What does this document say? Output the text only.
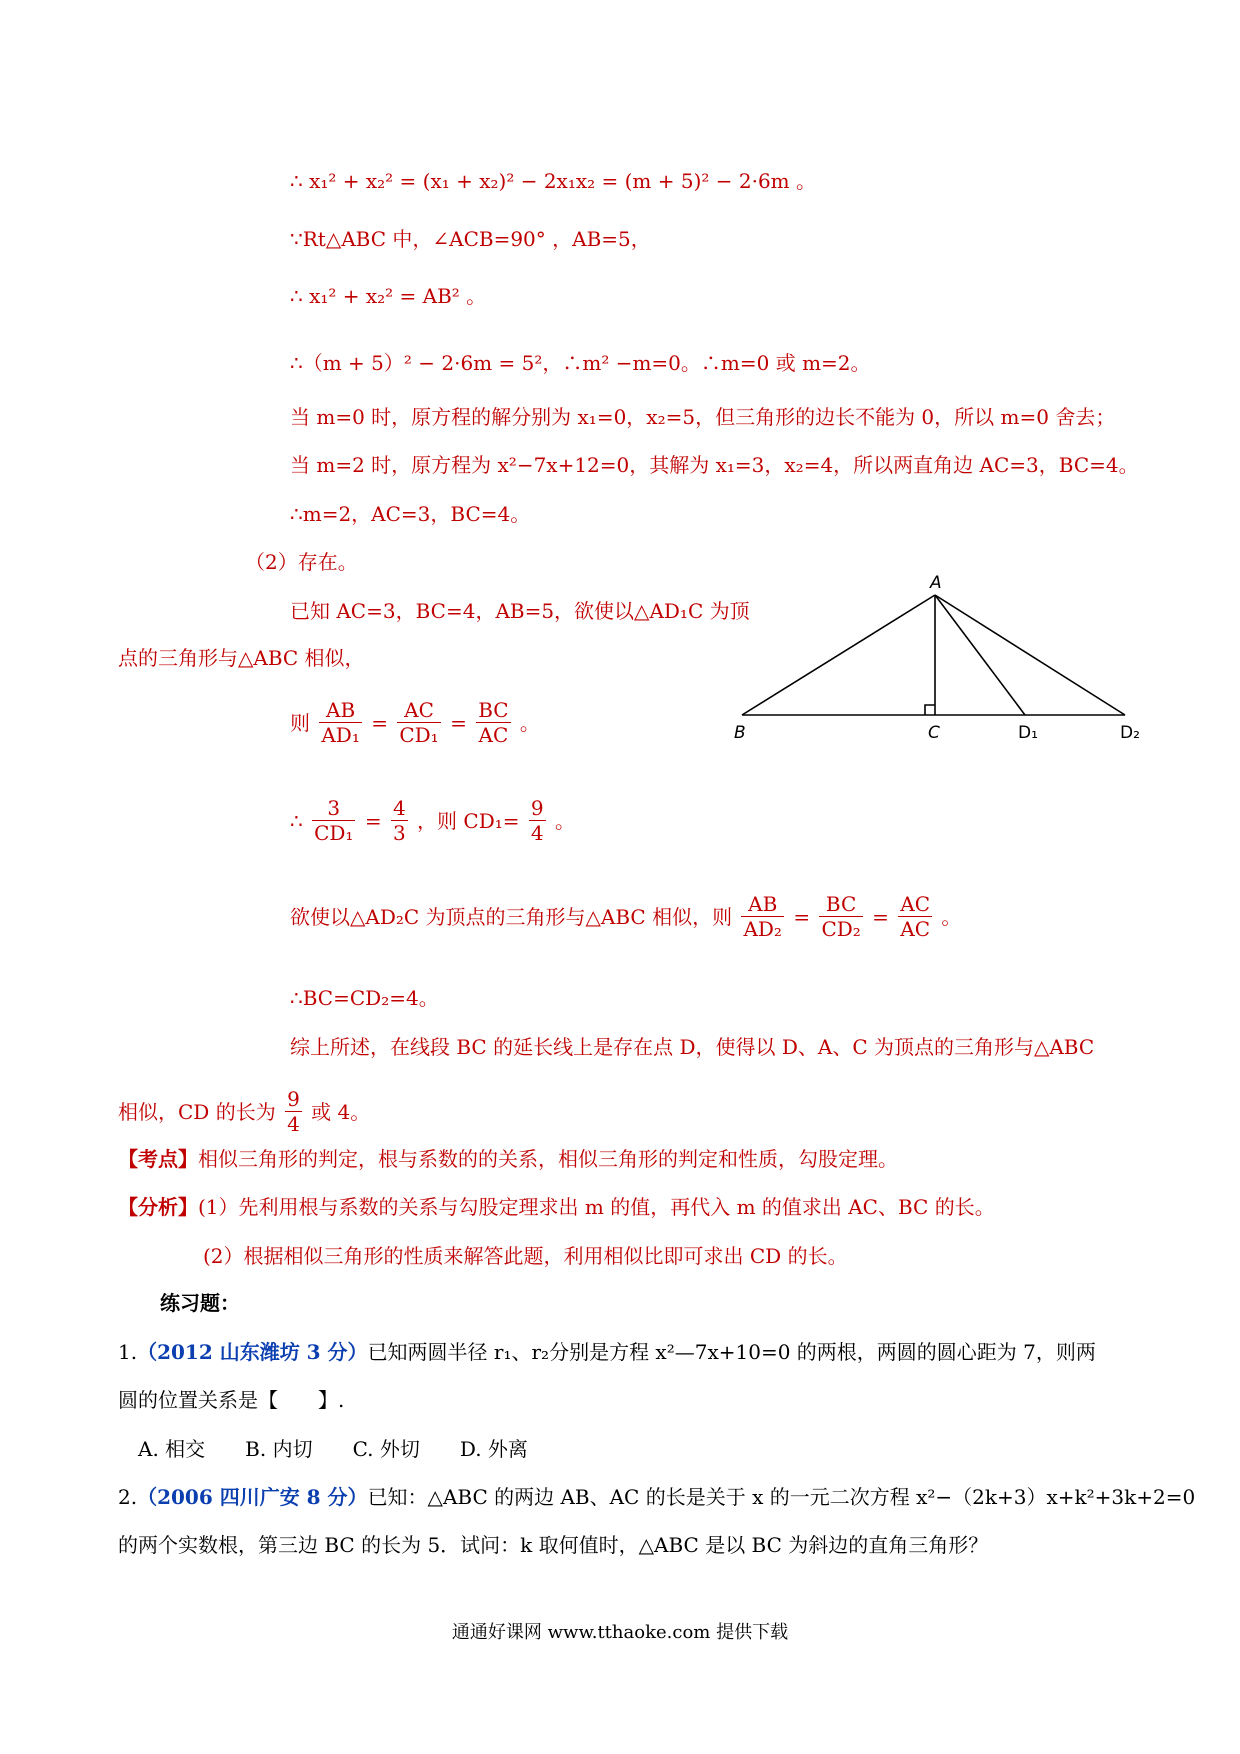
∴ x₁² + x₂² = (x₁ + x₂)² − 2x₁x₂ = (m + 5)² − 2·6m 。
∵Rt△ABC 中，∠ACB=90° ，AB=5，
∴ x₁² + x₂² = AB² 。
∴（m + 5）² − 2·6m = 5²，∴m² −m=0。∴m=0 或 m=2。
当 m=0 时，原方程的解分别为 x₁=0，x₂=5，但三角形的边长不能为 0，所以 m=0 舍去；
当 m=2 时，原方程为 x²−7x+12=0，其解为 x₁=3，x₂=4，所以两直角边 AC=3，BC=4。
∴m=2，AC=3，BC=4。
（2）存在。
已知 AC=3，BC=4，AB=5，欲使以△AD₁C 为顶
点的三角形与△ABC 相似，
则 $\frac{AB}{\text{AD₁}} = \frac{AC}{\text{CD₁}} = \frac{BC}{AC}$ 。
∴ $\frac{3}{\text{CD₁}} = \frac{4}{3}$ ，则 $CD_1= \frac{9}{4}$ 。
欲使以△AD₂C 为顶点的三角形与△ABC 相似，则 $\frac{AB}{\text{AD₂}} = \frac{BC}{\text{CD₂}} = \frac{AC}{AC}$ 。
∴BC=CD₂=4。
综上所述，在线段 BC 的延长线上是存在点 D，使得以 D、A、C 为顶点的三角形与△ABC
相似，CD 的长为 $\frac{9}{4}$ 或 4。
A
B	C	D₁	D₂
【考点】相似三角形的判定，根与系数的的关系，相似三角形的判定和性质，勾股定理。
【分析】(1）先利用根与系数的关系与勾股定理求出 m 的值，再代入 m 的值求出 AC、BC 的长。
(2）根据相似三角形的性质来解答此题，利用相似比即可求出 CD 的长。
练习题：
1.（2012 山东潍坊 3 分）已知两圆半径 r₁、r₂分别是方程 x²—7x+10=0 的两根，两圆的圆心距为 7，则两
圆的位置关系是【　　】.
A. 相交　　B. 内切　　C. 外切　　D. 外离
2.（2006 四川广安 8 分）已知：△ABC 的两边 AB、AC 的长是关于 x 的一元二次方程 x²−（2k+3）x+k²+3k+2=0
的两个实数根，第三边 BC 的长为 5．试问：k 取何值时，△ABC 是以 BC 为斜边的直角三角形？
通通好课网 www.tthaoke.com 提供下载
